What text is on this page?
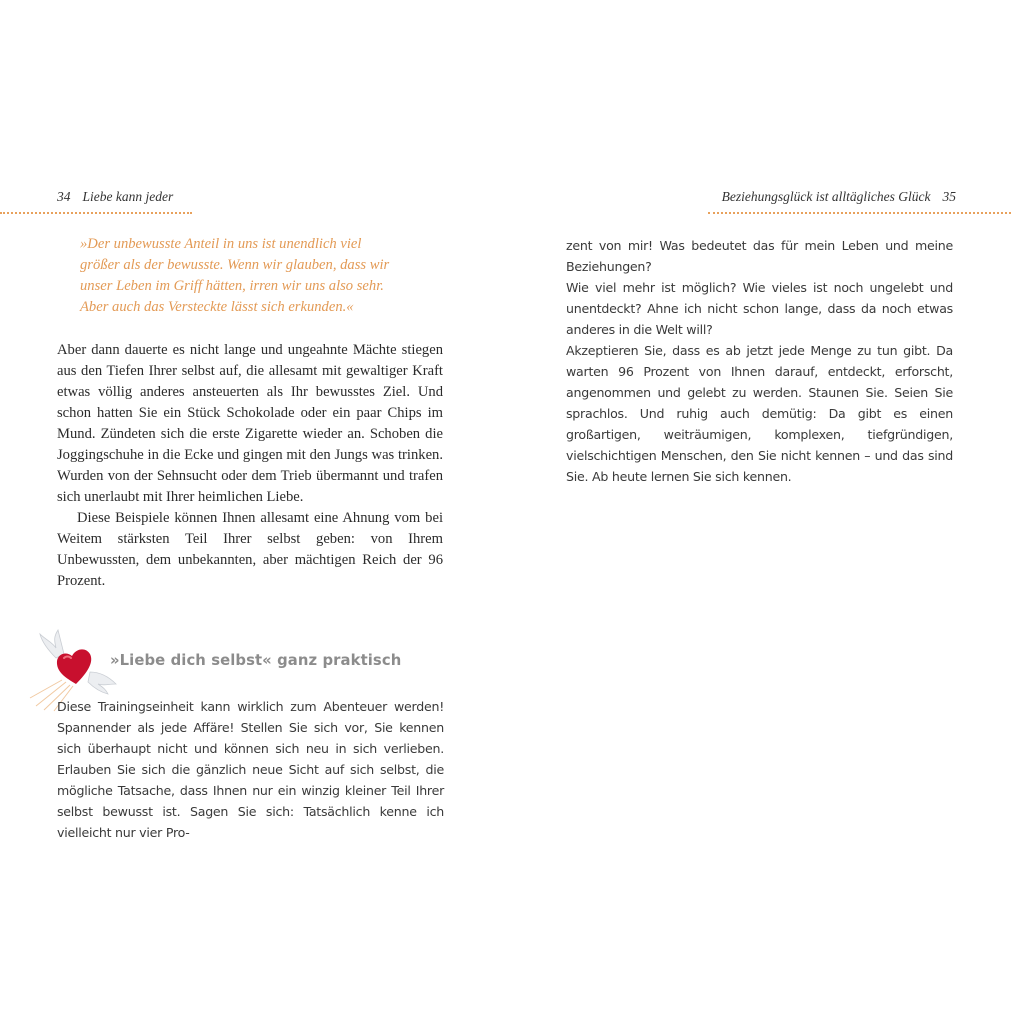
34 Liebe kann jeder
»Der unbewusste Anteil in uns ist unendlich viel
größer als der bewusste. Wenn wir glauben, dass wir
unser Leben im Griff hätten, irren wir uns also sehr.
Aber auch das Versteckte lässt sich erkunden.«

Aber dann dauerte es nicht lange und ungeahnte Mächte stiegen aus den Tiefen Ihrer selbst auf, die allesamt mit gewaltiger Kraft etwas völlig anderes ansteuerten als Ihr bewusstes Ziel. Und schon hatten Sie ein Stück Schokolade oder ein paar Chips im Mund. Zündeten sich die erste Zigarette wieder an. Schoben die Joggingschuhe in die Ecke und gingen mit den Jungs was trinken. Wurden von der Sehnsucht oder dem Trieb übermannt und trafen sich unerlaubt mit Ihrer heimlichen Liebe.

Diese Beispiele können Ihnen allesamt eine Ahnung vom bei Weitem stärksten Teil Ihrer selbst geben: von Ihrem Unbewussten, dem unbekannten, aber mächtigen Reich der 96 Prozent.

»Liebe dich selbst« ganz praktisch

Diese Trainingseinheit kann wirklich zum Abenteuer werden! Spannender als jede Affäre! Stellen Sie sich vor, Sie kennen sich überhaupt nicht und können sich neu in sich verlieben. Erlauben Sie sich die gänzlich neue Sicht auf sich selbst, die mögliche Tatsache, dass Ihnen nur ein winzig kleiner Teil Ihrer selbst bewusst ist. Sagen Sie sich: Tatsächlich kenne ich vielleicht nur vier Pro-

Beziehungsglück ist alltägliches Glück 35

zent von mir! Was bedeutet das für mein Leben und meine Beziehungen?

Wie viel mehr ist möglich? Wie vieles ist noch ungelebt und unentdeckt? Ahne ich nicht schon lange, dass da noch etwas anderes in die Welt will?

Akzeptieren Sie, dass es ab jetzt jede Menge zu tun gibt. Da warten 96 Prozent von Ihnen darauf, entdeckt, erforscht, angenommen und gelebt zu werden. Staunen Sie. Seien Sie sprachlos. Und ruhig auch demütig: Da gibt es einen großartigen, weiträumigen, komplexen, tiefgründigen, vielschichtigen Menschen, den Sie nicht kennen – und das sind Sie. Ab heute lernen Sie sich kennen.
